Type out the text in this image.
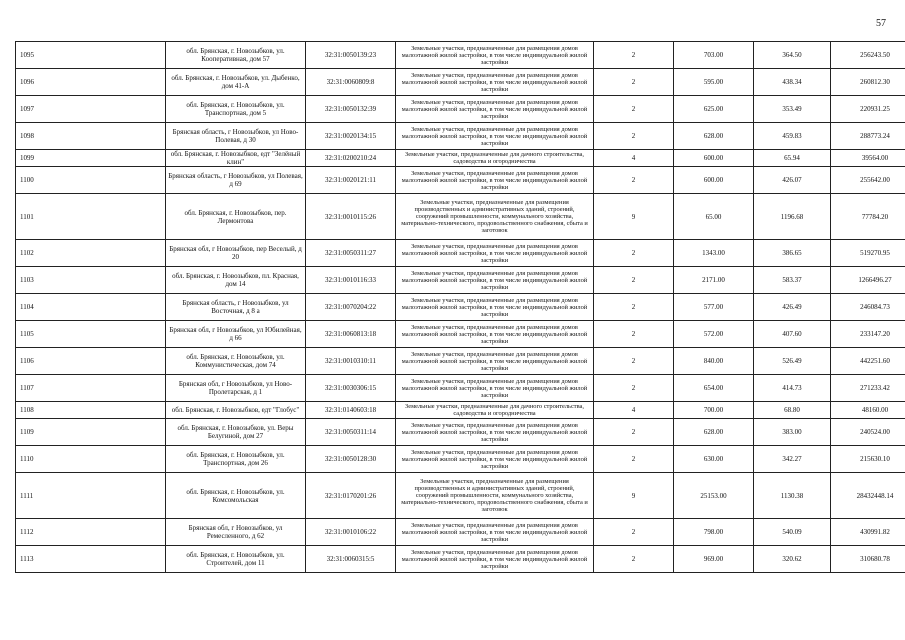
57
1095	обл. Брянская, г. Новозыбков, ул. Кооперативная, дом 57	32:31:0050139:23	Земельные участки, предназначенные для размещения домов малоэтажной жилой застройки, в том числе индивидуальной жилой застройки	2	703.00	364.50	256243.50
1096	обл. Брянская, г. Новозыбков, ул. Дыбенко, дом 41-А	32:31:0060809:8	Земельные участки, предназначенные для размещения домов малоэтажной жилой застройки, в том числе индивидуальной жилой застройки	2	595.00	438.34	260812.30
1097	обл. Брянская, г. Новозыбков, ул. Транспортная, дом 5	32:31:0050132:39	Земельные участки, предназначенные для размещения домов малоэтажной жилой застройки, в том числе индивидуальной жилой застройки	2	625.00	353.49	220931.25
1098	Брянская область, г Новозыбков, ул Ново-Полевая, д 30	32:31:0020134:15	Земельные участки, предназначенные для размещения домов малоэтажной жилой застройки, в том числе индивидуальной жилой застройки	2	628.00	459.83	288773.24
1099	обл. Брянская, г. Новозыбков, едт "Зелёный клин"	32:31:0200210:24	Земельные участки, предназначенные для дачного строительства, садоводства и огородничества	4	600.00	65.94	39564.00
1100	Брянская область, г Новозыбков, ул Полевая, д 69	32:31:0020121:11	Земельные участки, предназначенные для размещения домов малоэтажной жилой застройки, в том числе индивидуальной жилой застройки	2	600.00	426.07	255642.00
1101	обл. Брянская, г. Новозыбков, пер. Лермонтова	32:31:0010115:26	Земельные участки, предназначенные для размещения производственных и административных зданий, строений, сооружений промышленности, коммунального хозяйства, материально-технического, продовольственного снабжения, сбыта и заготовок	9	65.00	1196.68	77784.20
1102	Брянская обл, г Новозыбков, пер Веселый, д 20	32:31:0050311:27	Земельные участки, предназначенные для размещения домов малоэтажной жилой застройки, в том числе индивидуальной жилой застройки	2	1343.00	386.65	519270.95
1103	обл. Брянская, г. Новозыбков, пл. Красная, дом 14	32:31:0010116:33	Земельные участки, предназначенные для размещения домов малоэтажной жилой застройки, в том числе индивидуальной жилой застройки	2	2171.00	583.37	1266496.27
1104	Брянская область, г Новозыбков, ул Восточная, д 8 а	32:31:0070204:22	Земельные участки, предназначенные для размещения домов малоэтажной жилой застройки, в том числе индивидуальной жилой застройки	2	577.00	426.49	246084.73
1105	Брянская обл, г Новозыбков, ул Юбилейная, д 66	32:31:0060813:18	Земельные участки, предназначенные для размещения домов малоэтажной жилой застройки, в том числе индивидуальной жилой застройки	2	572.00	407.60	233147.20
1106	обл. Брянская, г. Новозыбков, ул. Коммунистическая, дом 74	32:31:0010310:11	Земельные участки, предназначенные для размещения домов малоэтажной жилой застройки, в том числе индивидуальной жилой застройки	2	840.00	526.49	442251.60
1107	Брянская обл, г Новозыбков, ул Ново-Пролетарская, д 1	32:31:0030306:15	Земельные участки, предназначенные для размещения домов малоэтажной жилой застройки, в том числе индивидуальной жилой застройки	2	654.00	414.73	271233.42
1108	обл. Брянская, г. Новозыбков, едт "Глобус"	32:31:0140603:18	Земельные участки, предназначенные для дачного строительства, садоводства и огородничества	4	700.00	68.80	48160.00
1109	обл. Брянская, г. Новозыбков, ул. Веры Белугиной, дом 27	32:31:0050311:14	Земельные участки, предназначенные для размещения домов малоэтажной жилой застройки, в том числе индивидуальной жилой застройки	2	628.00	383.00	240524.00
1110	обл. Брянская, г. Новозыбков, ул. Транспортная, дом 26	32:31:0050128:30	Земельные участки, предназначенные для размещения домов малоэтажной жилой застройки, в том числе индивидуальной жилой застройки	2	630.00	342.27	215630.10
1111	обл. Брянская, г. Новозыбков, ул. Комсомольская	32:31:0170201:26	Земельные участки, предназначенные для размещения производственных и административных зданий, строений, сооружений промышленности, коммунального хозяйства, материально-технического, продовольственного снабжения, сбыта и заготовок	9	25153.00	1130.38	28432448.14
1112	Брянская обл, г Новозыбков, ул Ремесленного, д 62	32:31:0010106:22	Земельные участки, предназначенные для размещения домов малоэтажной жилой застройки, в том числе индивидуальной жилой застройки	2	798.00	540.09	430991.82
1113	обл. Брянская, г. Новозыбков, ул. Строителей, дом 11	32:31:0060315:5	Земельные участки, предназначенные для размещения домов малоэтажной жилой застройки, в том числе индивидуальной жилой застройки	2	969.00	320.62	310680.78
